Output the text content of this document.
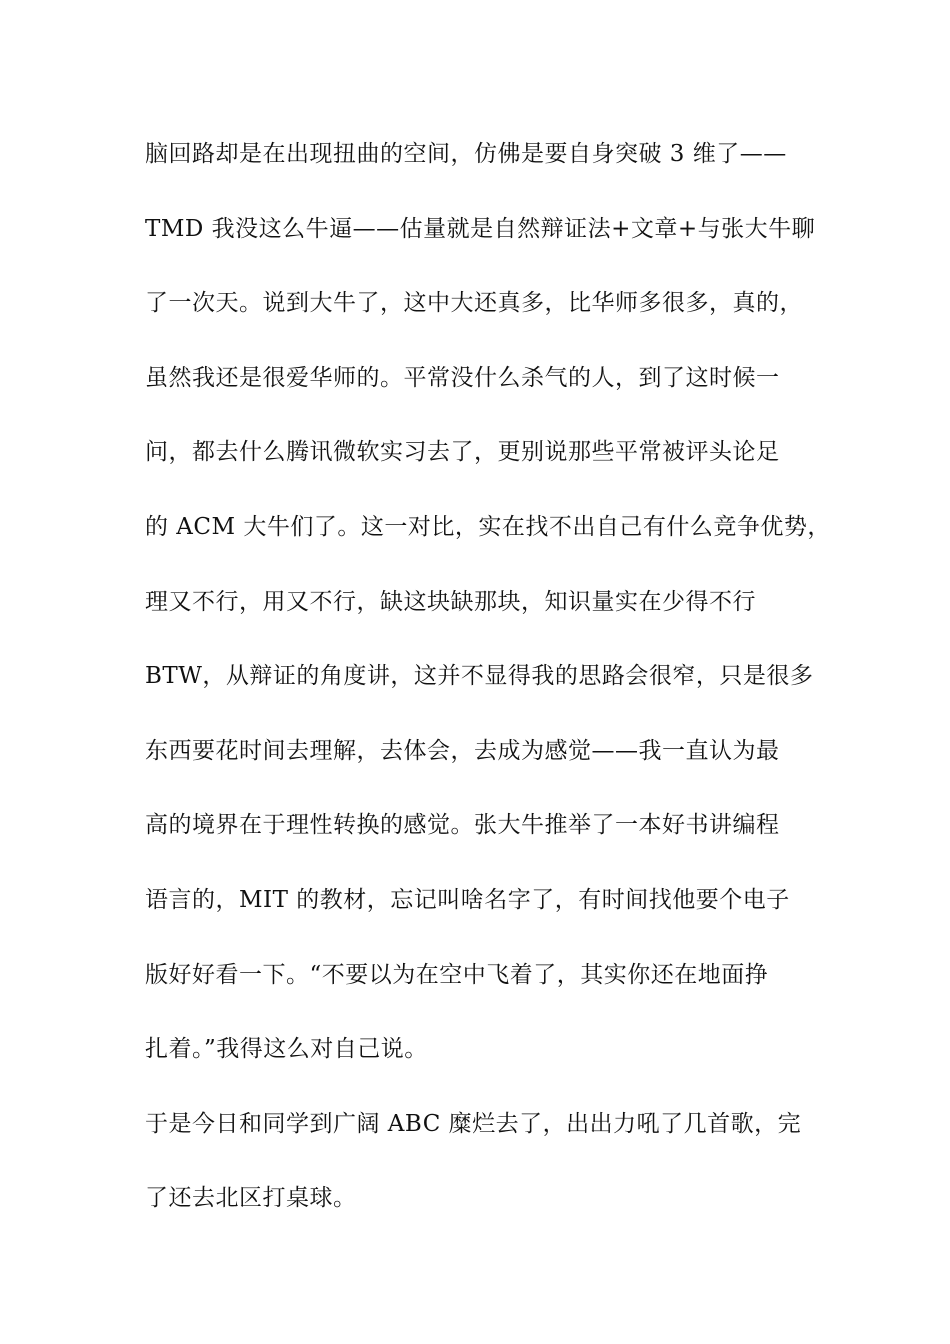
脑回路却是在出现扭曲的空间，仿佛是要自身突破 3 维了——
TMD 我没这么牛逼——估量就是自然辩证法+文章+与张大牛聊
了一次天。说到大牛了，这中大还真多，比华师多很多，真的，
虽然我还是很爱华师的。平常没什么杀气的人，到了这时候一
问，都去什么腾讯微软实习去了，更别说那些平常被评头论足
的 ACM 大牛们了。这一对比，实在找不出自己有什么竞争优势，
理又不行，用又不行，缺这块缺那块，知识量实在少得不行
BTW，从辩证的角度讲，这并不显得我的思路会很窄，只是很多
东西要花时间去理解，去体会，去成为感觉——我一直认为最
高的境界在于理性转换的感觉。张大牛推举了一本好书讲编程
语言的，MIT 的教材，忘记叫啥名字了，有时间找他要个电子
版好好看一下。“不要以为在空中飞着了，其实你还在地面挣
扎着。”我得这么对自己说。
于是今日和同学到广阔 ABC 糜烂去了，出出力吼了几首歌，完
了还去北区打桌球。
